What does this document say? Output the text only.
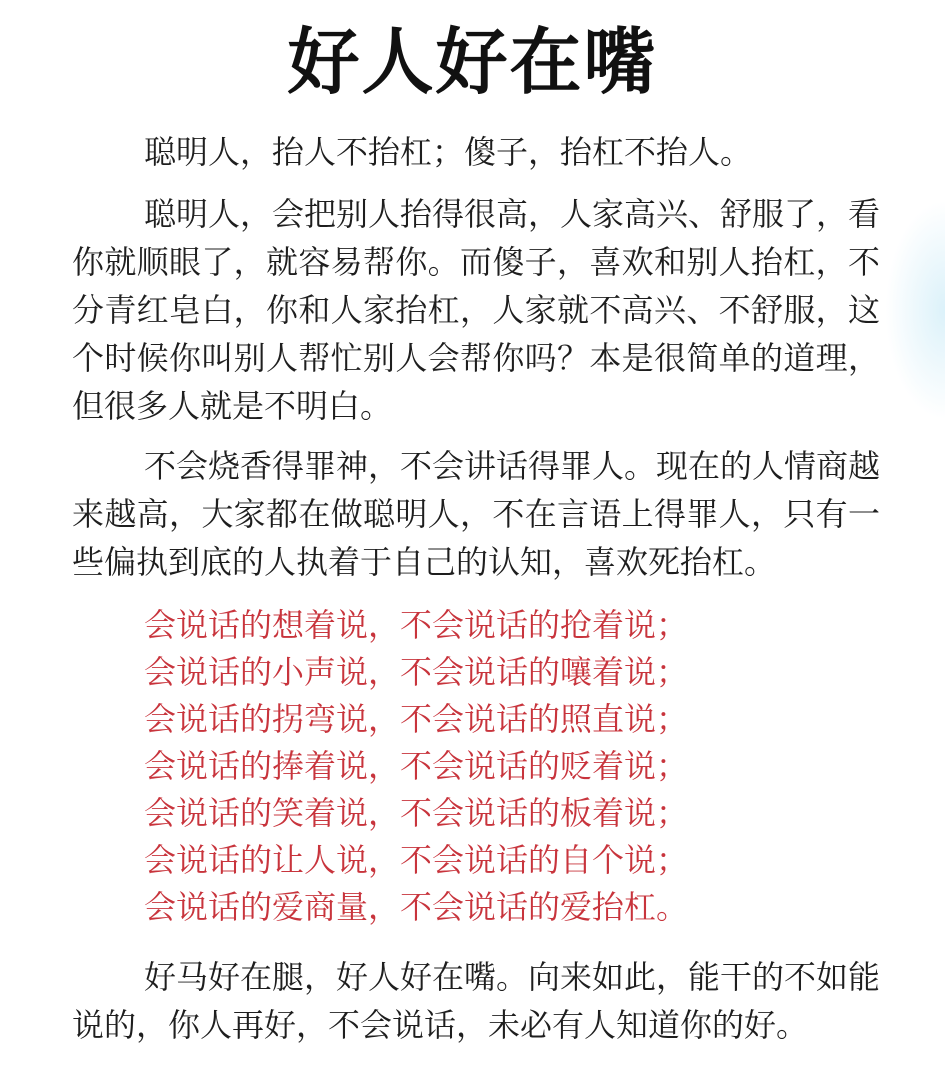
好人好在嘴

聪明人，抬人不抬杠；傻子，抬杠不抬人。

聪明人，会把别人抬得很高，人家高兴、舒服了，看你就顺眼了，就容易帮你。而傻子，喜欢和别人抬杠，不分青红皂白，你和人家抬杠，人家就不高兴、不舒服，这个时候你叫别人帮忙别人会帮你吗？本是很简单的道理，但很多人就是不明白。

不会烧香得罪神，不会讲话得罪人。现在的人情商越来越高，大家都在做聪明人，不在言语上得罪人，只有一些偏执到底的人执着于自己的认知，喜欢死抬杠。

会说话的想着说，不会说话的抢着说；
会说话的小声说，不会说话的嚷着说；
会说话的拐弯说，不会说话的照直说；
会说话的捧着说，不会说话的贬着说；
会说话的笑着说，不会说话的板着说；
会说话的让人说，不会说话的自个说；
会说话的爱商量，不会说话的爱抬杠。

好马好在腿，好人好在嘴。向来如此，能干的不如能说的，你人再好，不会说话，未必有人知道你的好。
